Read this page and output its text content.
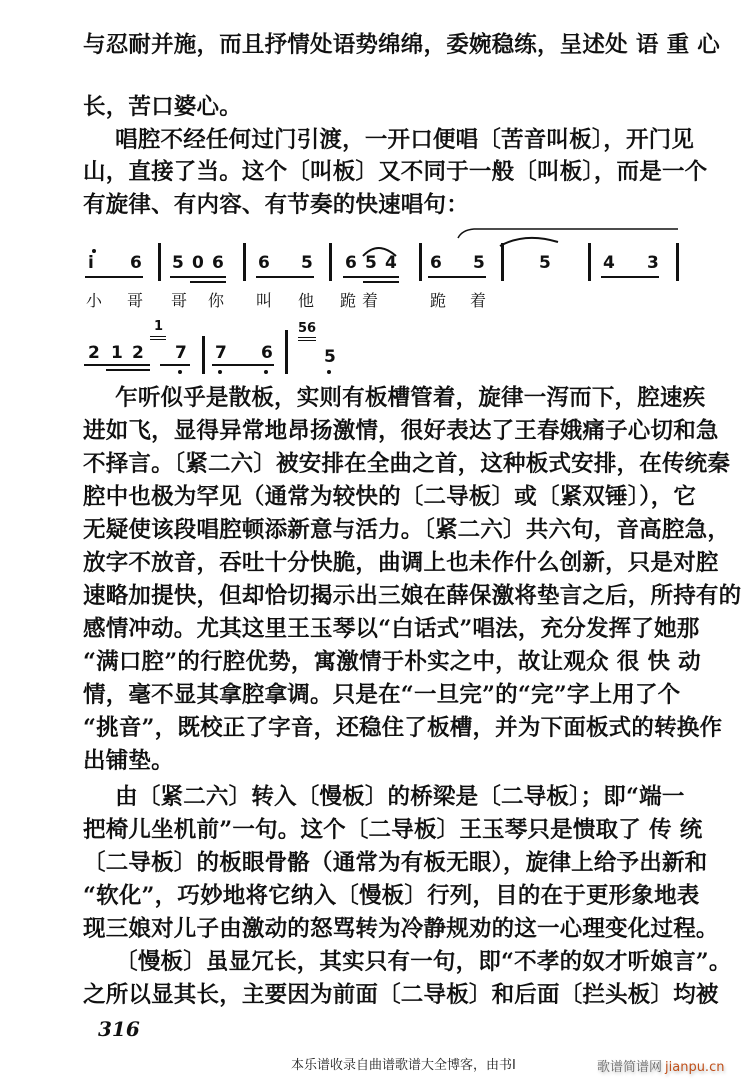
与忍耐并施，而且抒情处语势绵绵，委婉稳练，呈述处 语 重 心
长，苦口婆心。
唱腔不经任何过门引渡，一开口便唱〔苦音叫板〕，开门见
山，直接了当。这个〔叫板〕又不同于一般〔叫板〕，而是一个
有旋律、有内容、有节奏的快速唱句：
i 6 5 0 6 6 5 6 5 4 6 5	5	4 3
小 哥 哥 你 叫 他 跪 着	跪 着
2 1 2
1
7 7 6
56
5
乍听似乎是散板，实则有板槽管着，旋律一泻而下，腔速疾
进如飞，显得异常地昂扬激情，很好表达了王春娥痛子心切和急
不择言。〔紧二六〕被安排在全曲之首，这种板式安排，在传统秦
腔中也极为罕见（通常为较快的〔二导板〕或〔紧双锤〕），它
无疑使该段唱腔顿添新意与活力。〔紧二六〕共六句，音高腔急，
放字不放音，吞吐十分快脆，曲调上也未作什么创新，只是对腔
速略加提快，但却恰切揭示出三娘在薛保激将垫言之后，所持有的
感情冲动。尤其这里王玉琴以“白话式”唱法，充分发挥了她那
“满口腔”的行腔优势，寓激情于朴实之中，故让观众 很 快 动
情，毫不显其拿腔拿调。只是在“一旦完”的“完”字上用了个
“挑音”，既校正了字音，还稳住了板槽，并为下面板式的转换作
出铺垫。
由〔紧二六〕转入〔慢板〕的桥梁是〔二导板〕；即“端一
把椅儿坐机前”一句。这个〔二导板〕王玉琴只是愦取了 传 统
〔二导板〕的板眼骨骼（通常为有板无眼），旋律上给予出新和
“软化”，巧妙地将它纳入〔慢板〕行列，目的在于更形象地表
现三娘对儿子由激动的怒骂转为冷静规劝的这一心理变化过程。
〔慢板〕虽显冗长，其实只有一句，即“不孝的奴才听娘言”。
之所以显其长，主要因为前面〔二导板〕和后面〔拦头板〕均被
316
本乐谱收录自曲谱歌谱大全博客，由书Ⅰ	歌谱简谱网 jianpu.cn
